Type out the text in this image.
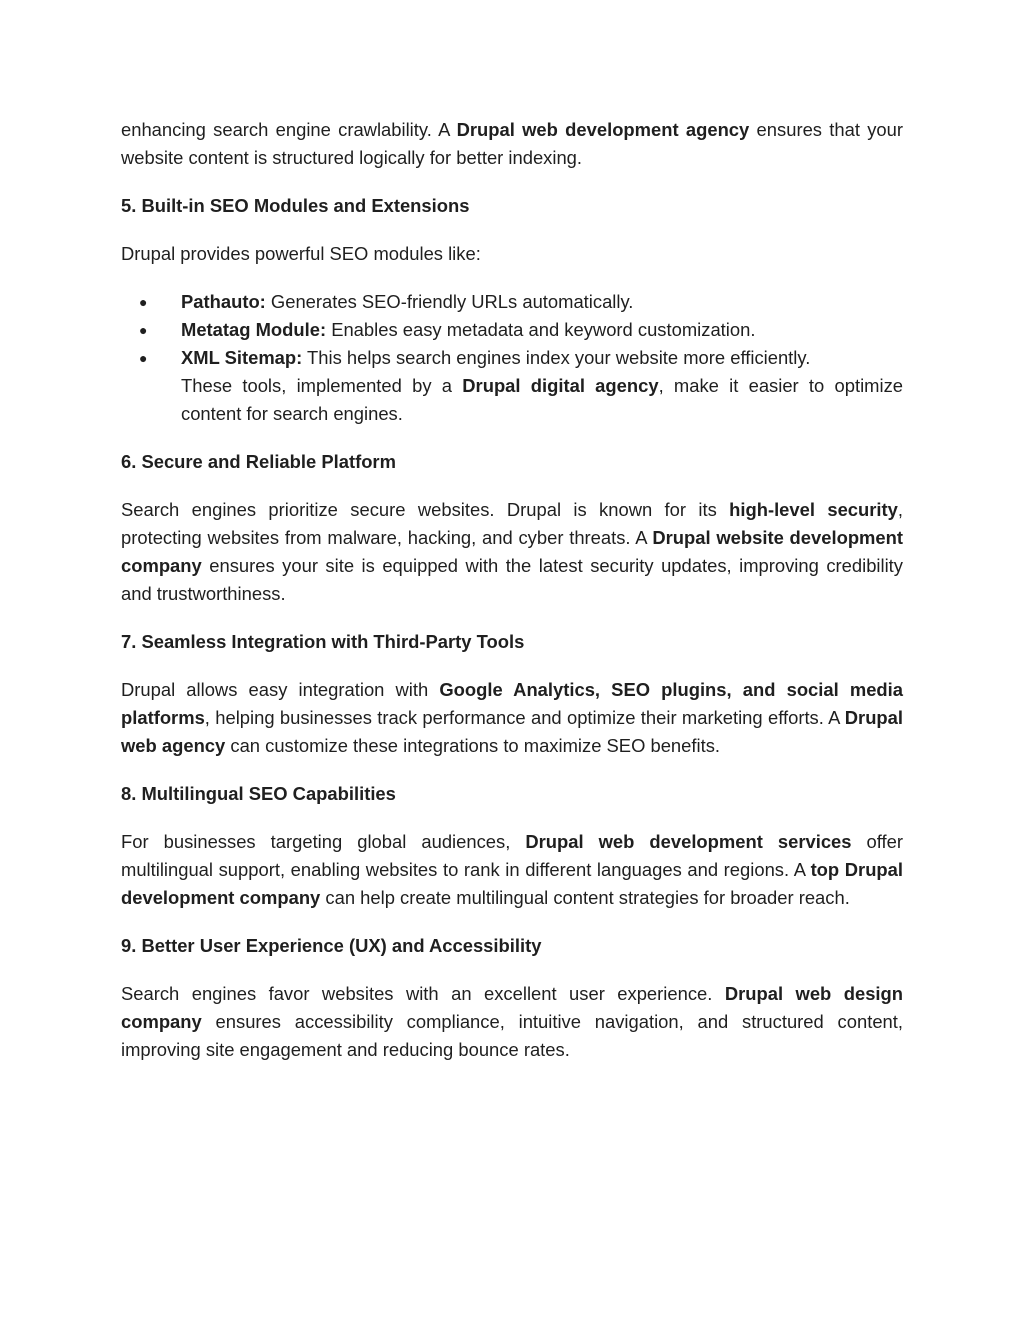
enhancing search engine crawlability. A Drupal web development agency ensures that your website content is structured logically for better indexing.

5. Built-in SEO Modules and Extensions

Drupal provides powerful SEO modules like:

● Pathauto: Generates SEO-friendly URLs automatically.
● Metatag Module: Enables easy metadata and keyword customization.
● XML Sitemap: This helps search engines index your website more efficiently.
These tools, implemented by a Drupal digital agency, make it easier to optimize content for search engines.
6. Secure and Reliable Platform

Search engines prioritize secure websites. Drupal is known for its high-level security, protecting websites from malware, hacking, and cyber threats. A Drupal website development company ensures your site is equipped with the latest security updates, improving credibility and trustworthiness.

7. Seamless Integration with Third-Party Tools

Drupal allows easy integration with Google Analytics, SEO plugins, and social media platforms, helping businesses track performance and optimize their marketing efforts. A Drupal web agency can customize these integrations to maximize SEO benefits.

8. Multilingual SEO Capabilities

For businesses targeting global audiences, Drupal web development services offer multilingual support, enabling websites to rank in different languages and regions. A top Drupal development company can help create multilingual content strategies for broader reach.

9. Better User Experience (UX) and Accessibility

Search engines favor websites with an excellent user experience. Drupal web design company ensures accessibility compliance, intuitive navigation, and structured content, improving site engagement and reducing bounce rates.
